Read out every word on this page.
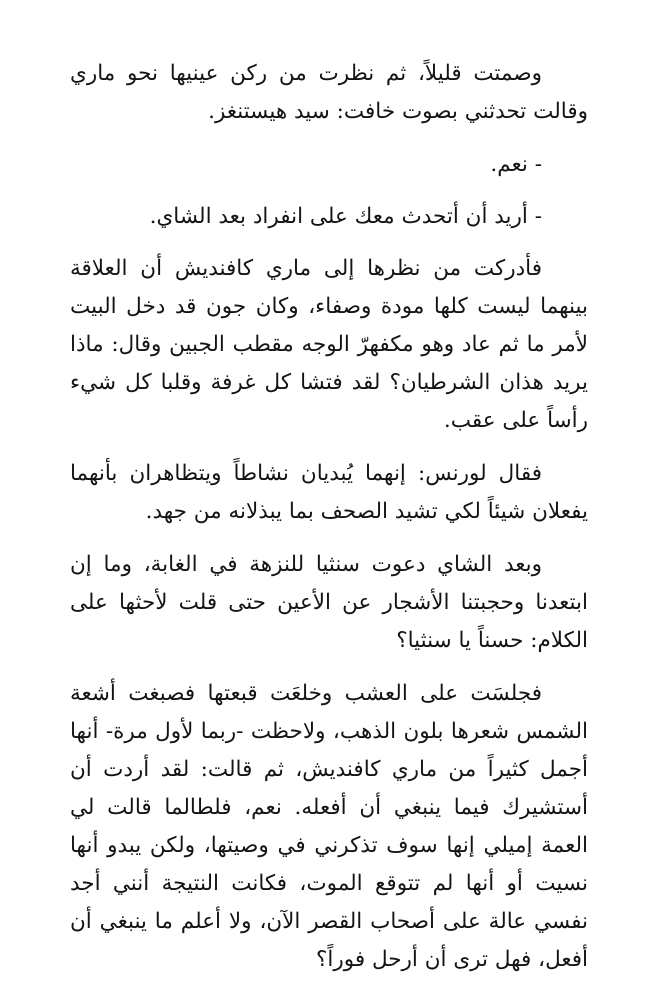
وصمتت قليلاً، ثم نظرت من ركن عينيها نحو ماري وقالت تحدثني بصوت خافت: سيد هيستنغز.

- نعم.

- أريد أن أتحدث معك على انفراد بعد الشاي.

فأدركت من نظرها إلى ماري كافنديش أن العلاقة بينهما ليست كلها مودة وصفاء، وكان جون قد دخل البيت لأمر ما ثم عاد وهو مكفهرّ الوجه مقطب الجبين وقال: ماذا يريد هذان الشرطيان؟ لقد فتشا كل غرفة وقلبا كل شيء رأساً على عقب.

فقال لورنس: إنهما يُبديان نشاطاً ويتظاهران بأنهما يفعلان شيئاً لكي تشيد الصحف بما يبذلانه من جهد.

وبعد الشاي دعوت سنثيا للنزهة في الغابة، وما إن ابتعدنا وحجبتنا الأشجار عن الأعين حتى قلت لأحثها على الكلام: حسناً يا سنثيا؟

فجلسَت على العشب وخلعَت قبعتها فصبغت أشعة الشمس شعرها بلون الذهب، ولاحظت -ربما لأول مرة- أنها أجمل كثيراً من ماري كافنديش، ثم قالت: لقد أردت أن أستشيرك فيما ينبغي أن أفعله. نعم، فلطالما قالت لي العمة إميلي إنها سوف تذكرني في وصيتها، ولكن يبدو أنها نسيت أو أنها لم تتوقع الموت، فكانت النتيجة أنني أجد نفسي عالة على أصحاب القصر الآن، ولا أعلم ما ينبغي أن أفعل، فهل ترى أن أرحل فوراً؟
